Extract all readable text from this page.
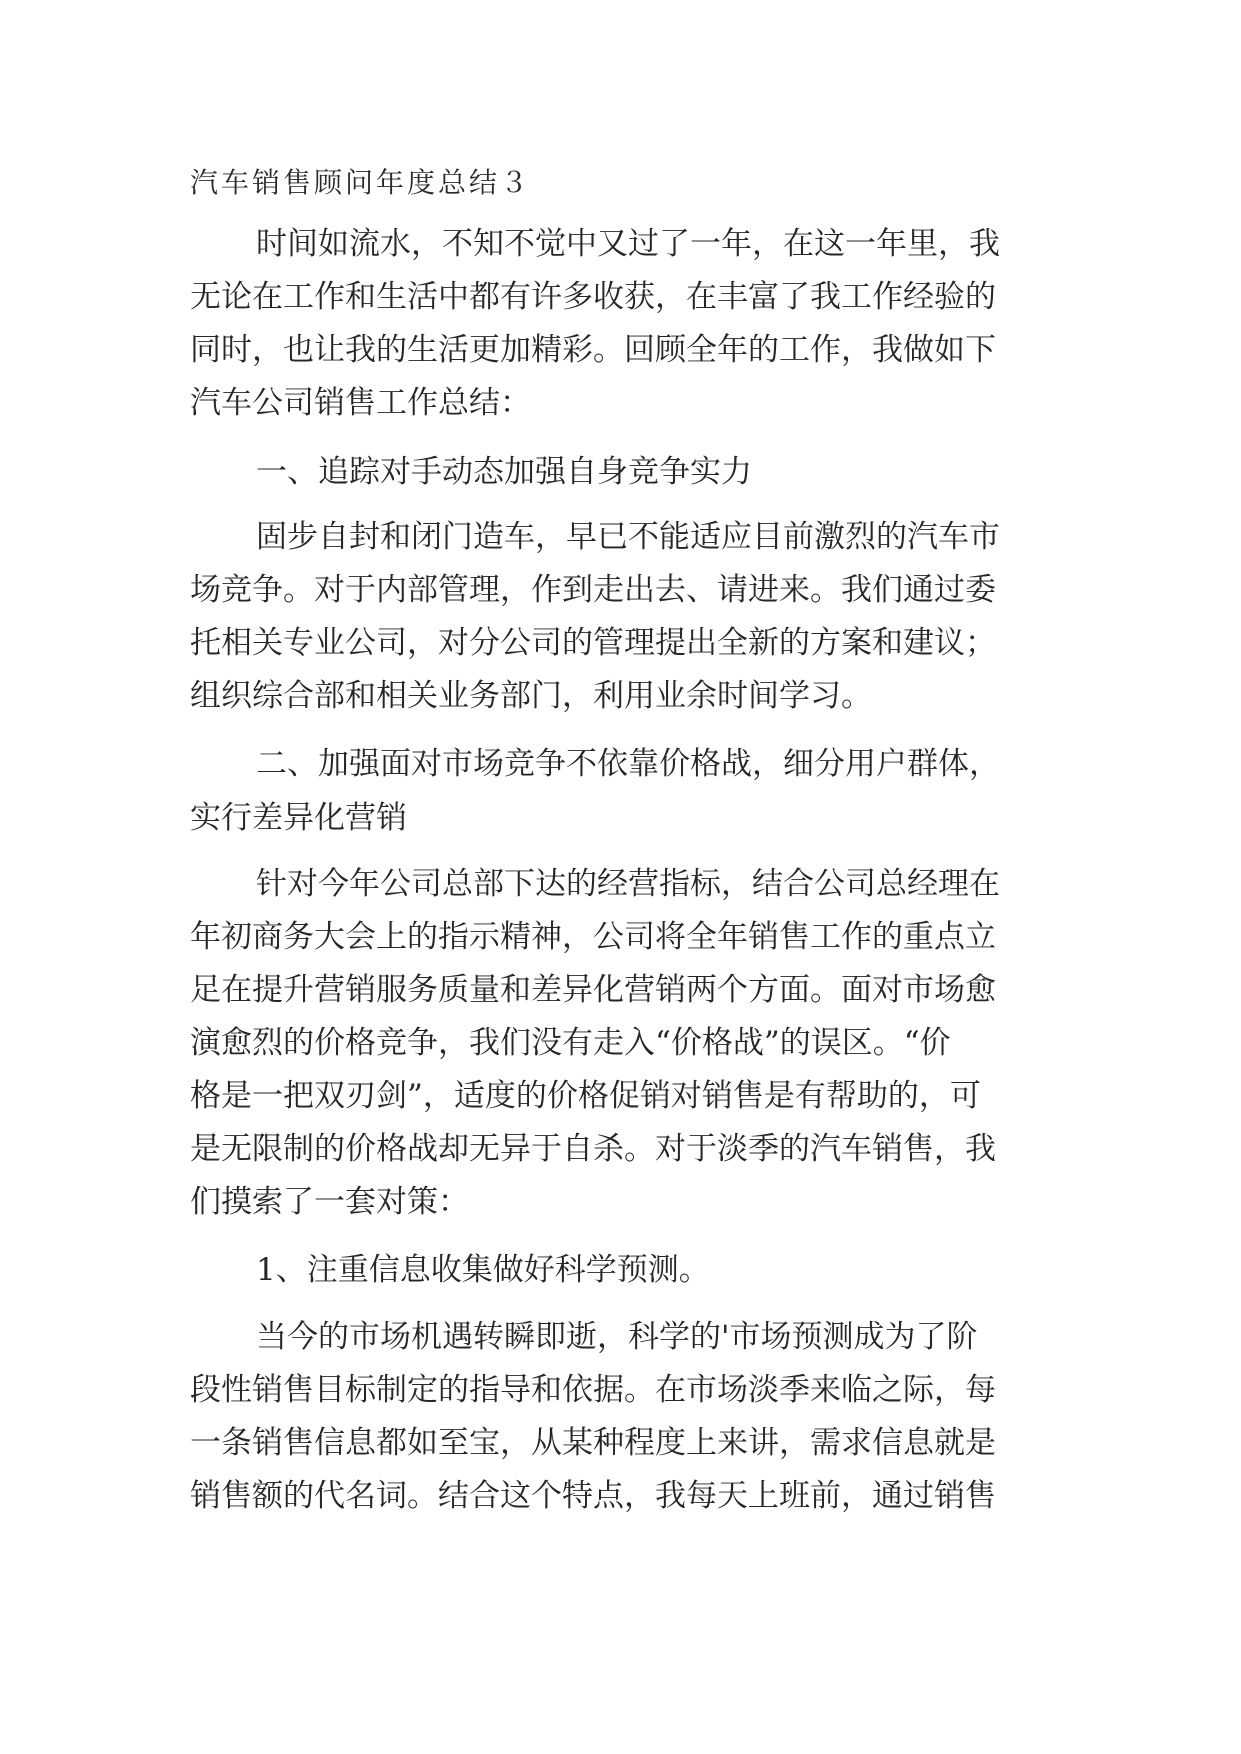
汽车销售顾问年度总结３
时间如流水，不知不觉中又过了一年，在这一年里，我
无论在工作和生活中都有许多收获，在丰富了我工作经验的
同时，也让我的生活更加精彩。回顾全年的工作，我做如下
汽车公司销售工作总结：
一、追踪对手动态加强自身竞争实力
固步自封和闭门造车，早已不能适应目前激烈的汽车市
场竞争。对于内部管理，作到走出去、请进来。我们通过委
托相关专业公司，对分公司的管理提出全新的方案和建议；
组织综合部和相关业务部门，利用业余时间学习。
二、加强面对市场竞争不依靠价格战，细分用户群体，
实行差异化营销
针对今年公司总部下达的经营指标，结合公司总经理在
年初商务大会上的指示精神，公司将全年销售工作的重点立
足在提升营销服务质量和差异化营销两个方面。面对市场愈
演愈烈的价格竞争，我们没有走入“价格战”的误区。“价
格是一把双刃剑”，适度的价格促销对销售是有帮助的，可
是无限制的价格战却无异于自杀。对于淡季的汽车销售，我
们摸索了一套对策：
1、注重信息收集做好科学预测。
当今的市场机遇转瞬即逝，科学的'市场预测成为了阶
段性销售目标制定的指导和依据。在市场淡季来临之际，每
一条销售信息都如至宝，从某种程度上来讲，需求信息就是
销售额的代名词。结合这个特点，我每天上班前，通过销售
